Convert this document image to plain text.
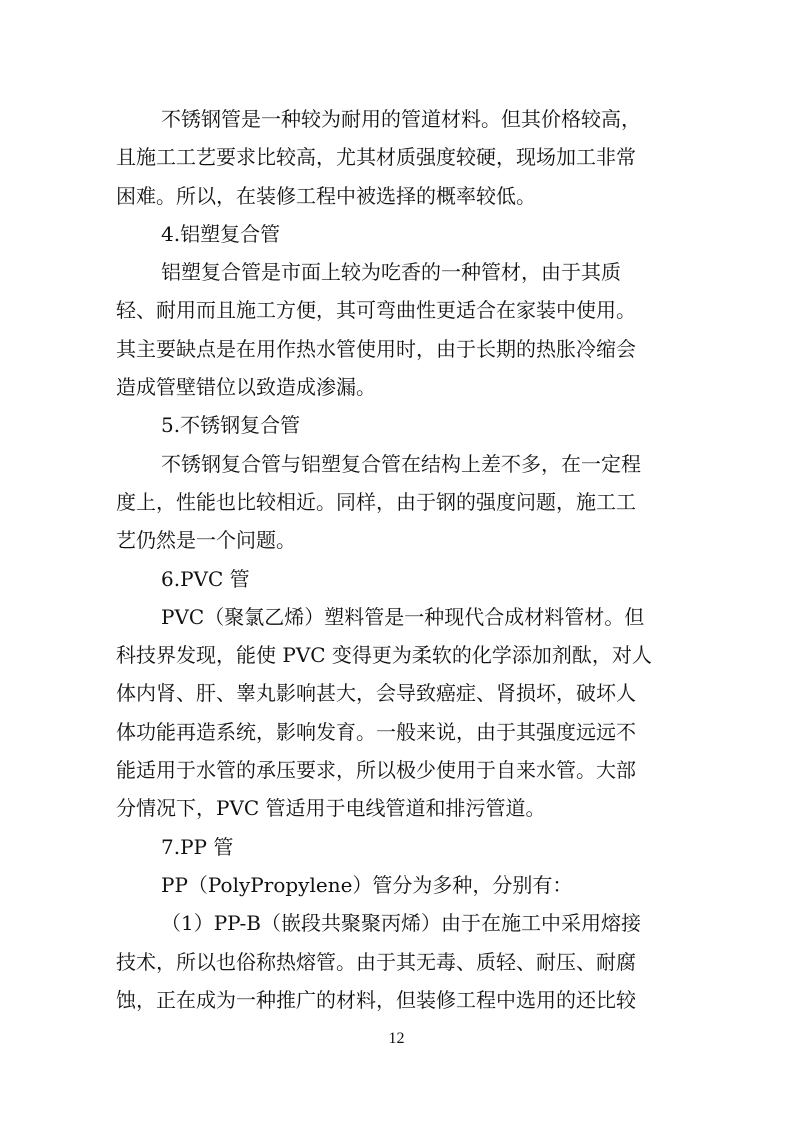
不锈钢管是一种较为耐用的管道材料。但其价格较高，
且施工工艺要求比较高，尤其材质强度较硬，现场加工非常
困难。所以，在装修工程中被选择的概率较低。
4.铝塑复合管
铝塑复合管是市面上较为吃香的一种管材，由于其质
轻、耐用而且施工方便，其可弯曲性更适合在家装中使用。
其主要缺点是在用作热水管使用时，由于长期的热胀冷缩会
造成管壁错位以致造成渗漏。
5.不锈钢复合管
不锈钢复合管与铝塑复合管在结构上差不多，在一定程
度上，性能也比较相近。同样，由于钢的强度问题，施工工
艺仍然是一个问题。
6.PVC 管
PVC（聚氯乙烯）塑料管是一种现代合成材料管材。但
科技界发现，能使 PVC 变得更为柔软的化学添加剂酞，对人
体内肾、肝、睾丸影响甚大，会导致癌症、肾损坏，破坏人
体功能再造系统，影响发育。一般来说，由于其强度远远不
能适用于水管的承压要求，所以极少使用于自来水管。大部
分情况下，PVC 管适用于电线管道和排污管道。
7.PP 管
PP（PolyPropylene）管分为多种，分别有：
（1）PP-B（嵌段共聚聚丙烯）由于在施工中采用熔接
技术，所以也俗称热熔管。由于其无毒、质轻、耐压、耐腐
蚀，正在成为一种推广的材料，但装修工程中选用的还比较
12
